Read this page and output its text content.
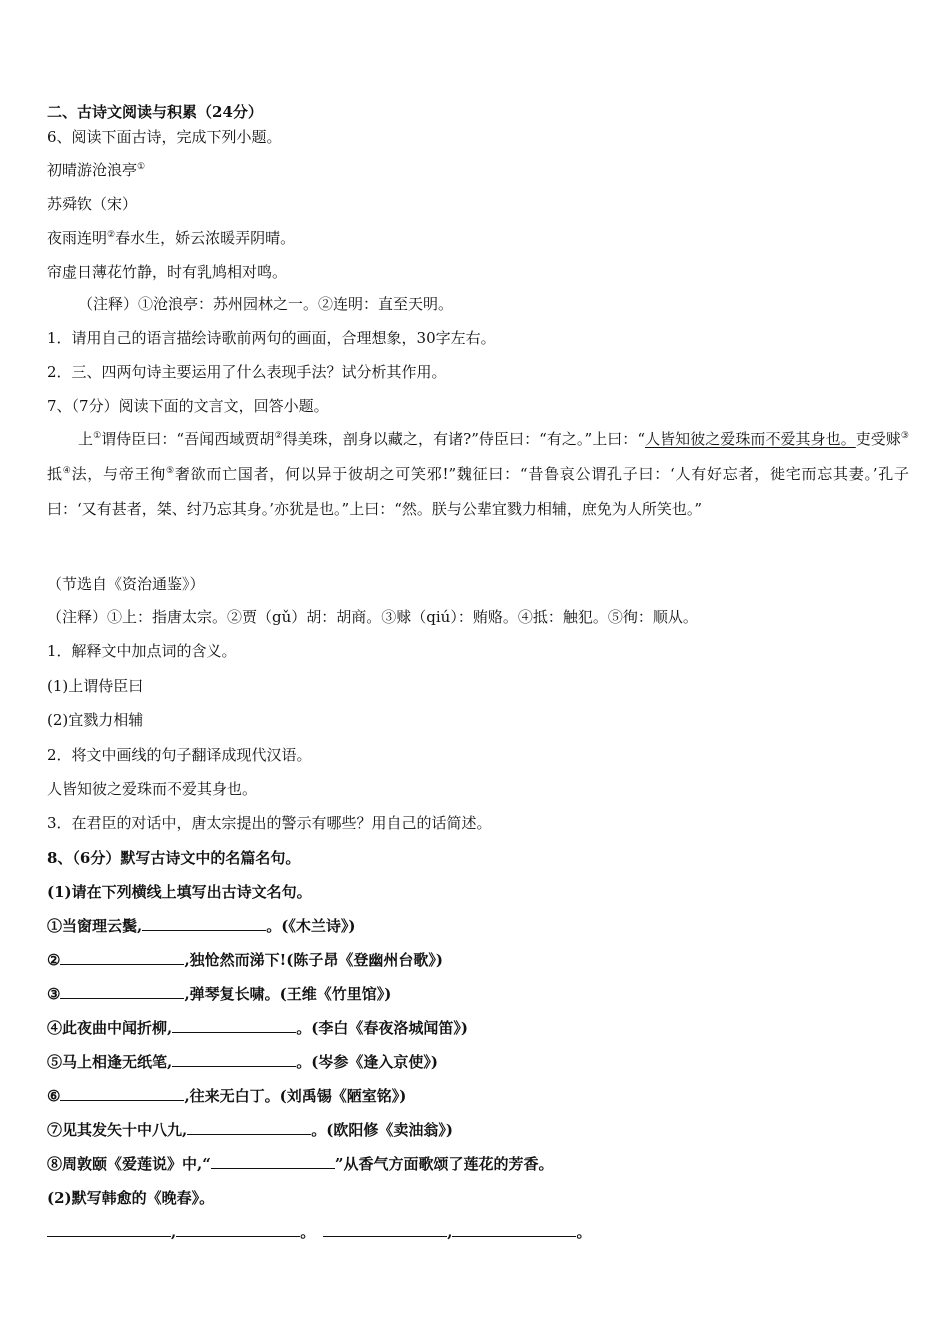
二、古诗文阅读与积累（24分）
6、阅读下面古诗，完成下列小题。
初晴游沧浪亭①
苏舜钦（宋）
夜雨连明②春水生，娇云浓暖弄阴晴。
帘虚日薄花竹静，时有乳鸠相对鸣。
（注释）①沧浪亭：苏州园林之一。②连明：直至天明。
1．请用自己的语言描绘诗歌前两句的画面，合理想象，30字左右。
2．三、四两句诗主要运用了什么表现手法？试分析其作用。
7、（7分）阅读下面的文言文，回答小题。
上①谓侍臣曰：“吾闻西域贾胡②得美珠，剖身以藏之，有诸?”侍臣曰：“有之。”上曰：“人皆知彼之爱珠而不爱其身也。吏受赇③抵④法，与帝王徇⑤奢欲而亡国者，何以异于彼胡之可笑邪!”魏征曰：“昔鲁哀公谓孔子曰：‘人有好忘者，徙宅而忘其妻。’孔子曰：‘又有甚者，桀、纣乃忘其身。’亦犹是也。”上曰：“然。朕与公辈宜戮力相辅，庶免为人所笑也。”
（节选自《资治通鉴》）
（注释）①上：指唐太宗。②贾（gǔ）胡：胡商。③赇（qiú）：贿赂。④抵：触犯。⑤徇：顺从。
1．解释文中加点词的含义。
(1)上谓侍臣曰
(2)宜戮力相辅
2．将文中画线的句子翻译成现代汉语。
人皆知彼之爱珠而不爱其身也。
3．在君臣的对话中，唐太宗提出的警示有哪些？用自己的话简述。
8、（6分）默写古诗文中的名篇名句。
(1)请在下列横线上填写出古诗文名句。
①当窗理云鬓,	。(《木兰诗》)
②	,独怆然而涕下!(陈子昂《登幽州台歌》)
③	,弹琴复长啸。(王维《竹里馆》)
④此夜曲中闻折柳,	。(李白《春夜洛城闻笛》)
⑤马上相逢无纸笔,	。(岑参《逢入京使》)
⑥	,往来无白丁。(刘禹锡《陋室铭》)
⑦见其发矢十中八九,	。(欧阳修《卖油翁》)
⑧周敦颐《爱莲说》中,“	”从香气方面歌颂了莲花的芳香。
(2)默写韩愈的《晚春》。
,	。	,	。
